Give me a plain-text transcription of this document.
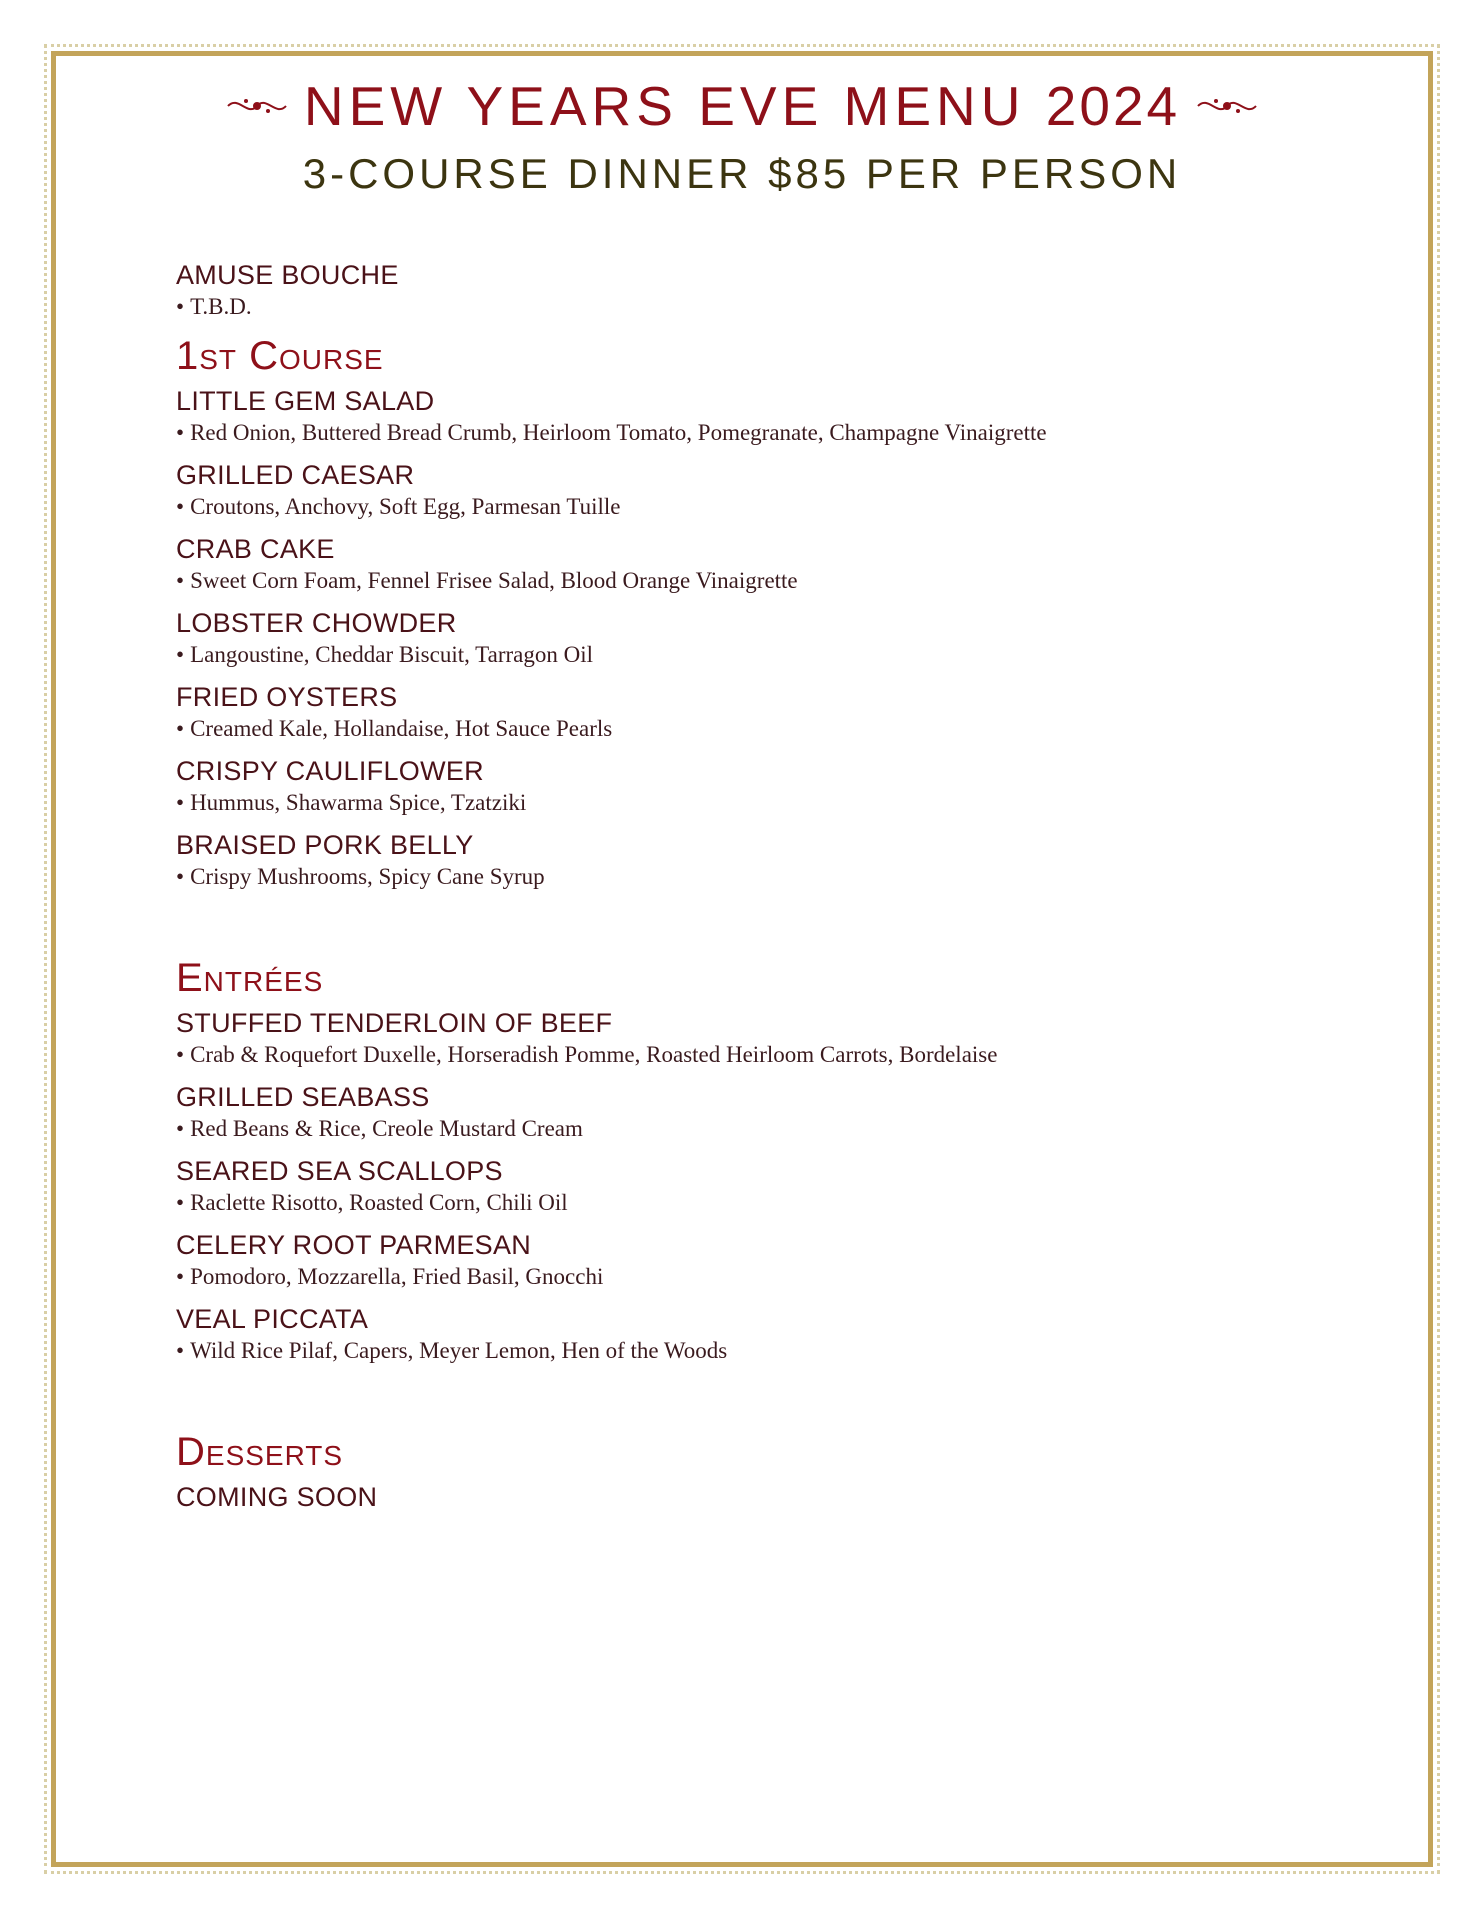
NEW YEARS EVE MENU 2024
3-COURSE DINNER $85 PER PERSON
AMUSE BOUCHE
• T.B.D.
1st Course
LITTLE GEM SALAD
• Red Onion, Buttered Bread Crumb, Heirloom Tomato, Pomegranate, Champagne Vinaigrette
GRILLED CAESAR
• Croutons, Anchovy, Soft Egg, Parmesan Tuille
CRAB CAKE
• Sweet Corn Foam, Fennel Frisee Salad, Blood Orange Vinaigrette
LOBSTER CHOWDER
• Langoustine, Cheddar Biscuit, Tarragon Oil
FRIED OYSTERS
• Creamed Kale, Hollandaise, Hot Sauce Pearls
CRISPY CAULIFLOWER
• Hummus, Shawarma Spice, Tzatziki
BRAISED PORK BELLY
• Crispy Mushrooms, Spicy Cane Syrup
Entrées
STUFFED TENDERLOIN OF BEEF
• Crab & Roquefort Duxelle, Horseradish Pomme, Roasted Heirloom Carrots, Bordelaise
GRILLED SEABASS
• Red Beans & Rice, Creole Mustard Cream
SEARED SEA SCALLOPS
• Raclette Risotto, Roasted Corn, Chili Oil
CELERY ROOT PARMESAN
• Pomodoro, Mozzarella, Fried Basil, Gnocchi
VEAL PICCATA
• Wild Rice Pilaf, Capers, Meyer Lemon, Hen of the Woods
Desserts
COMING SOON
